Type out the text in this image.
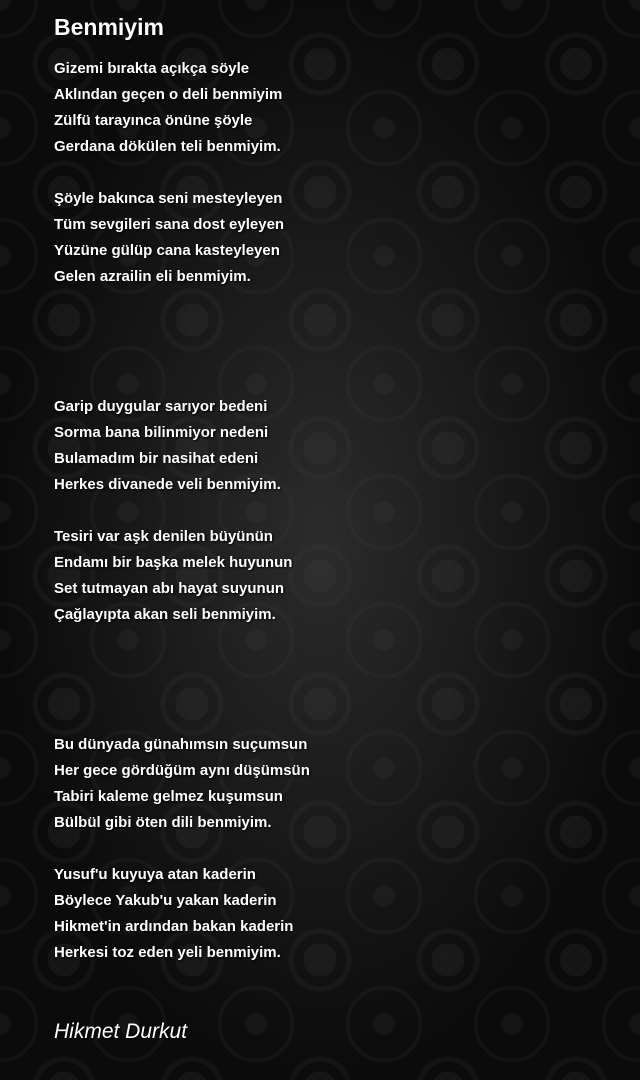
Benmiyim
Gizemi bırakta açıkça söyle
Aklından geçen o deli benmiyim
Zülfü tarayınca önüne şöyle
Gerdana dökülen teli benmiyim.
Şöyle bakınca seni mesteyleyen
Tüm sevgileri sana dost eyleyen
Yüzüne gülüp cana kasteyleyen
Gelen azrailin eli benmiyim.
Garip duygular sarıyor bedeni
Sorma bana bilinmiyor nedeni
Bulamadım bir nasihat edeni
Herkes divanede veli benmiyim.
Tesiri var aşk denilen büyünün
Endamı bir başka melek huyunun
Set tutmayan abı hayat suyunun
Çağlayıpta akan seli benmiyim.
Bu dünyada günahımsın suçumsun
Her gece gördüğüm aynı düşümsün
Tabiri kaleme gelmez kuşumsun
Bülbül gibi öten dili benmiyim.
Yusuf'u kuyuya atan kaderin
Böylece Yakub'u yakan kaderin
Hikmet'in ardından bakan kaderin
Herkesi toz eden yeli benmiyim.
Hikmet Durkut
